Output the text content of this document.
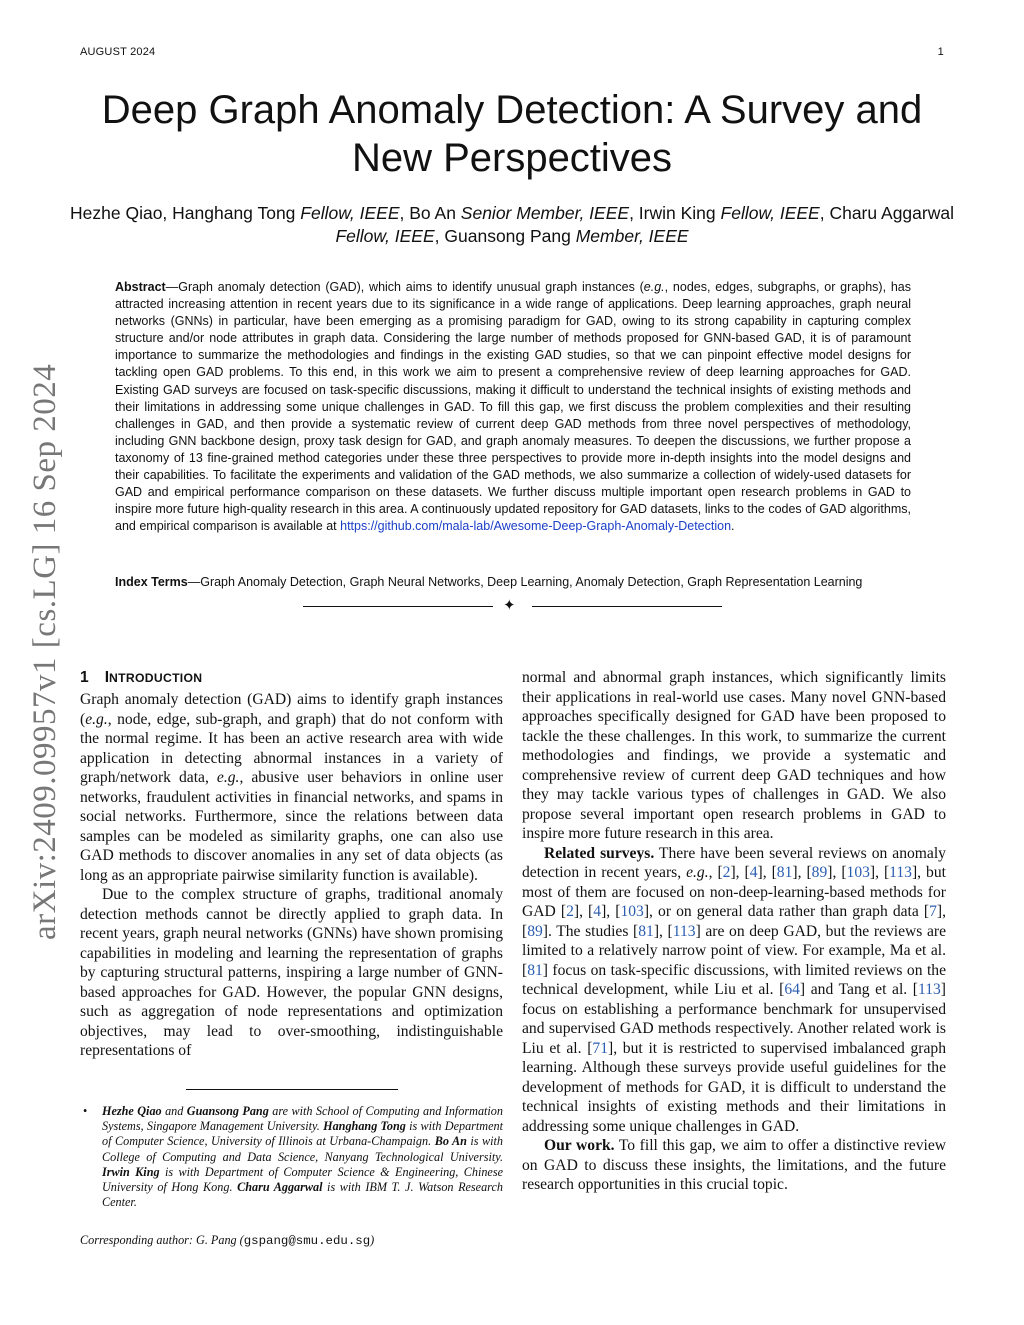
AUGUST 2024	1
Deep Graph Anomaly Detection: A Survey and New Perspectives
Hezhe Qiao, Hanghang Tong Fellow, IEEE, Bo An Senior Member, IEEE, Irwin King Fellow, IEEE, Charu Aggarwal Fellow, IEEE, Guansong Pang Member, IEEE
Abstract—Graph anomaly detection (GAD), which aims to identify unusual graph instances (e.g., nodes, edges, subgraphs, or graphs), has attracted increasing attention in recent years due to its significance in a wide range of applications. Deep learning approaches, graph neural networks (GNNs) in particular, have been emerging as a promising paradigm for GAD, owing to its strong capability in capturing complex structure and/or node attributes in graph data. Considering the large number of methods proposed for GNN-based GAD, it is of paramount importance to summarize the methodologies and findings in the existing GAD studies, so that we can pinpoint effective model designs for tackling open GAD problems. To this end, in this work we aim to present a comprehensive review of deep learning approaches for GAD. Existing GAD surveys are focused on task-specific discussions, making it difficult to understand the technical insights of existing methods and their limitations in addressing some unique challenges in GAD. To fill this gap, we first discuss the problem complexities and their resulting challenges in GAD, and then provide a systematic review of current deep GAD methods from three novel perspectives of methodology, including GNN backbone design, proxy task design for GAD, and graph anomaly measures. To deepen the discussions, we further propose a taxonomy of 13 fine-grained method categories under these three perspectives to provide more in-depth insights into the model designs and their capabilities. To facilitate the experiments and validation of the GAD methods, we also summarize a collection of widely-used datasets for GAD and empirical performance comparison on these datasets. We further discuss multiple important open research problems in GAD to inspire more future high-quality research in this area. A continuously updated repository for GAD datasets, links to the codes of GAD algorithms, and empirical comparison is available at https://github.com/mala-lab/Awesome-Deep-Graph-Anomaly-Detection.
Index Terms—Graph Anomaly Detection, Graph Neural Networks, Deep Learning, Anomaly Detection, Graph Representation Learning
✦
arXiv:2409.09957v1 [cs.LG] 16 Sep 2024 1 INTRODUCTION

Graph anomaly detection (GAD) aims to identify graph instances (e.g., node, edge, sub-graph, and graph) that do not conform with the normal regime. It has been an active research area with wide application in detecting abnormal instances in a variety of graph/network data, e.g., abusive user behaviors in online user networks, fraudulent activities in financial networks, and spams in social networks. Furthermore, since the relations between data samples can be modeled as similarity graphs, one can also use GAD methods to discover anomalies in any set of data objects (as long as an appropriate pairwise similarity function is available).

Due to the complex structure of graphs, traditional anomaly detection methods cannot be directly applied to graph data. In recent years, graph neural networks (GNNs) have shown promising capabilities in modeling and learning the representation of graphs by capturing structural patterns, inspiring a large number of GNN-based approaches for GAD. However, the popular GNN designs, such as aggregation of node representations and optimization objectives, may lead to over-smoothing, indistinguishable representations of

normal and abnormal graph instances, which significantly limits their applications in real-world use cases. Many novel GNN-based approaches specifically designed for GAD have been proposed to tackle the these challenges. In this work, to summarize the current methodologies and findings, we provide a systematic and comprehensive review of current deep GAD techniques and how they may tackle various types of challenges in GAD. We also propose several important open research problems in GAD to inspire more future research in this area.

Related surveys. There have been several reviews on anomaly detection in recent years, e.g., [2], [4], [81], [89], [103], [113], but most of them are focused on non-deep-learning-based methods for GAD [2], [4], [103], or on general data rather than graph data [7], [89]. The studies [81], [113] are on deep GAD, but the reviews are limited to a relatively narrow point of view. For example, Ma et al. [81] focus on task-specific discussions, with limited reviews on the technical development, while Liu et al. [64] and Tang et al. [113] focus on establishing a performance benchmark for unsupervised and supervised GAD methods respectively. Another related work is Liu et al. [71], but it is restricted to supervised imbalanced graph learning. Although these surveys provide useful guidelines for the development of methods for GAD, it is difficult to understand the technical insights of existing methods and their limitations in addressing some unique challenges in GAD.

Our work. To fill this gap, we aim to offer a distinctive review on GAD to discuss these insights, the limitations, and the future research opportunities in this crucial topic.

• Hezhe Qiao and Guansong Pang are with School of Computing and Information Systems, Singapore Management University. Hanghang Tong is with Department of Computer Science, University of Illinois at Urbana-Champaign. Bo An is with College of Computing and Data Science, Nanyang Technological University. Irwin King is with Department of Computer Science & Engineering, Chinese University of Hong Kong. Charu Aggarwal is with IBM T. J. Watson Research Center.
Corresponding author: G. Pang (gspang@smu.edu.sg)
